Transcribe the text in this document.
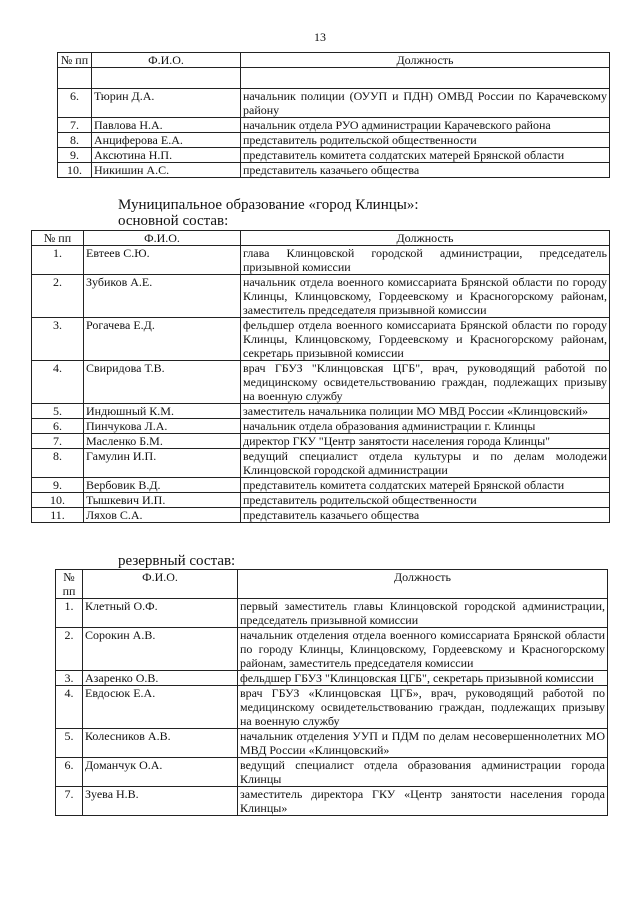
13
№ пп	Ф.И.О.	Должность

6.	Тюрин Д.А.	начальник полиции (ОУУП и ПДН) ОМВД России по Карачевскому району
7.	Павлова Н.А.	начальник отдела РУО администрации Карачевского района
8.	Анциферова Е.А.	представитель родительской общественности
9.	Аксютина Н.П.	представитель комитета солдатских матерей Брянской области
10.	Никишин А.С.	представитель казачьего общества
Муниципальное образование «город Клинцы»:
основной состав:
№ пп	Ф.И.О.	Должность
1.	Евтеев С.Ю.	глава Клинцовской городской администрации, председатель призывной комиссии
2.	Зубиков А.Е.	начальник отдела военного комиссариата Брянской области по городу Клинцы, Клинцовскому, Гордеевскому и Красногорскому районам, заместитель председателя призывной комиссии
3.	Рогачева Е.Д.	фельдшер отдела военного комиссариата Брянской области по городу Клинцы, Клинцовскому, Гордеевскому и Красногорскому районам, секретарь призывной комиссии
4.	Свиридова Т.В.	врач ГБУЗ "Клинцовская ЦГБ", врач, руководящий работой по медицинскому освидетельствованию граждан, подлежащих призыву на военную службу
5.	Индюшный К.М.	заместитель начальника полиции МО МВД России «Клинцовский»
6.	Пинчукова Л.А.	начальник отдела образования администрации г. Клинцы
7.	Масленко Б.М.	директор ГКУ "Центр занятости населения города Клинцы"
8.	Гамулин И.П.	ведущий специалист отдела культуры и по делам молодежи Клинцовской городской администрации
9.	Вербовик В.Д.	представитель комитета солдатских матерей Брянской области
10.	Тышкевич И.П.	представитель родительской общественности
11.	Ляхов С.А.	представитель казачьего общества
резервный состав:
№ пп	Ф.И.О.	Должность
1.	Клетный О.Ф.	первый заместитель главы Клинцовской городской администрации, председатель призывной комиссии
2.	Сорокин А.В.	начальник отделения отдела военного комиссариата Брянской области по городу Клинцы, Клинцовскому, Гордеевскому и Красногорскому районам, заместитель председателя комиссии
3.	Азаренко О.В.	фельдшер ГБУЗ "Клинцовская ЦГБ", секретарь призывной комиссии
4.	Евдосюк Е.А.	врач ГБУЗ «Клинцовская ЦГБ», врач, руководящий работой по медицинскому освидетельствованию граждан, подлежащих призыву на военную службу
5.	Колесников А.В.	начальник отделения УУП и ПДМ по делам несовершеннолетних МО МВД России «Клинцовский»
6.	Доманчук О.А.	ведущий специалист отдела образования администрации города Клинцы
7.	Зуева Н.В.	заместитель директора ГКУ «Центр занятости населения города Клинцы»
